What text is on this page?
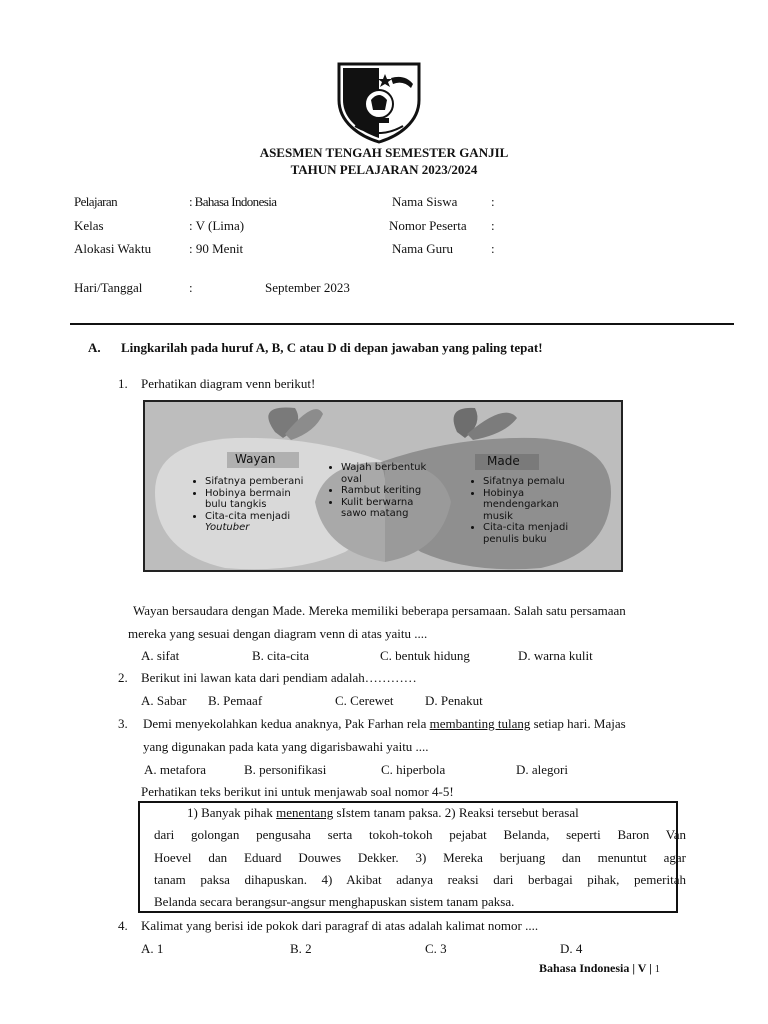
ASESMEN TENGAH SEMESTER GANJIL
TAHUN PELAJARAN 2023/2024
Pelajaran	: Bahasa Indonesia
Kelas	: V (Lima)
Alokasi Waktu	: 90 Menit
Hari/Tanggal	:	September 2023
Nama Siswa	:
Nomor Peserta :
Nama Guru	:
A. Lingkarilah pada huruf A, B, C atau D di depan jawaban yang paling tepat!
1. Perhatikan diagram venn berikut!
Wayan
• Sifatnya pemberani
• Hobinya bermain bulu tangkis
• Cita-cita menjadi
Youtuber
• Wajah berbentuk oval
• Rambut keriting
• Kulit berwarna sawo matang
Made
• Sifatnya pemalu
• Hobinya mendengarkan musik
• Cita-cita menjadi penulis buku
Wayan bersaudara dengan Made. Mereka memiliki beberapa persamaan. Salah satu persamaan
mereka yang sesuai dengan diagram venn di atas yaitu ....
A. sifat	B. cita-cita	C. bentuk hidung	D. warna kulit
2. Berikut ini lawan kata dari pendiam adalah…………
A. Sabar B. Pemaaf	C. Cerewet D. Penakut
3. Demi menyekolahkan kedua anaknya, Pak Farhan rela membanting tulang setiap hari. Majas
yang digunakan pada kata yang digarisbawahi yaitu ....
A. metafora	B. personifikasi	C. hiperbola	D. alegori
Perhatikan teks berikut ini untuk menjawab soal nomor 4-5!
1) Banyak pihak menentang sIstem tanam paksa. 2) Reaksi tersebut berasal
dari golongan pengusaha serta tokoh-tokoh pejabat Belanda, seperti Baron Van
Hoevel dan Eduard Douwes Dekker. 3) Mereka berjuang dan menuntut agar
tanam paksa dihapuskan. 4) Akibat adanya reaksi dari berbagai pihak, pemeritah
Belanda secara berangsur-angsur menghapuskan sistem tanam paksa.
4. Kalimat yang berisi ide pokok dari paragraf di atas adalah kalimat nomor ....
A. 1	B. 2	C. 3	D. 4
Bahasa Indonesia | V | 1
